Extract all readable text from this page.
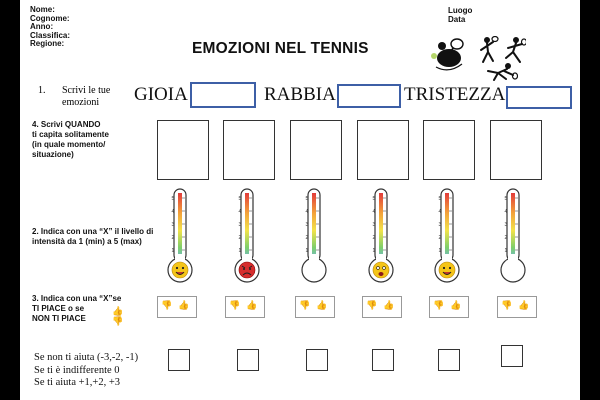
Nome:
Cognome:
Anno:
Classifica:
Regione:
Luogo
Data
EMOZIONI NEL TENNIS
1. Scrivi le tue
emozioni	GIOIA	RABBIA	TRISTEZZA
4. Scrivi QUANDO
ti capita solitamente
(in quale momento/
situazione)
2. Indica con una “X” il livello di
intensità da 1 (min) a 5 (max)
5
4
3
2
1
5
4
3
2
1
5
4
3
2
1
5
4
3
2
1
5
4
3
2
1
5
4
3
2
1
3. Indica con una “X”se
TI PIACE o se
NON TI PIACE
👍
👎
👎 👍	👎 👍	👎 👍	👎 👍	👎 👍	👎 👍
Se non ti aiuta (-3,-2, -1)
Se ti è indifferente 0
Se ti aiuta +1,+2, +3
